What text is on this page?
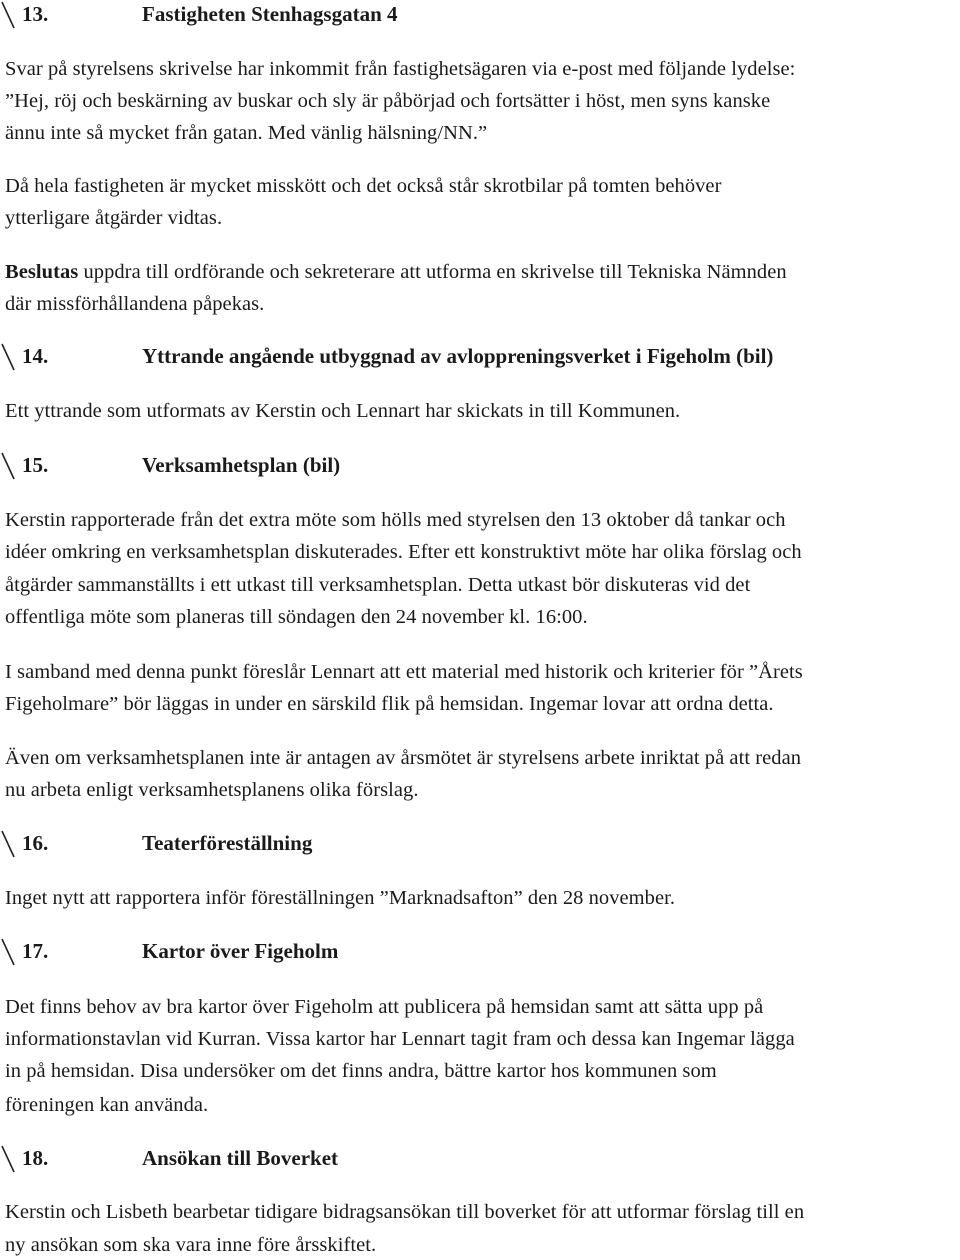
13.	Fastigheten Stenhagsgatan 4
Svar på styrelsens skrivelse har inkommit från fastighetsägaren via e-post med följande lydelse:
”Hej, röj och beskärning av buskar och sly är påbörjad och fortsätter i höst, men syns kanske
ännu inte så mycket från gatan. Med vänlig hälsning/NN.”
Då hela fastigheten är mycket misskött och det också står skrotbilar på tomten behöver
ytterligare åtgärder vidtas.
Beslutas uppdra till ordförande och sekreterare att utforma en skrivelse till Tekniska Nämnden
där missförhållandena påpekas.
14.	Yttrande angående utbyggnad av avloppreningsverket i Figeholm (bil)
Ett yttrande som utformats av Kerstin och Lennart har skickats in till Kommunen.
15.	Verksamhetsplan (bil)
Kerstin rapporterade från det extra möte som hölls med styrelsen den 13 oktober då tankar och
idéer omkring en verksamhetsplan diskuterades. Efter ett konstruktivt möte har olika förslag och
åtgärder sammanställts i ett utkast till verksamhetsplan. Detta utkast bör diskuteras vid det
offentliga möte som planeras till söndagen den 24 november kl. 16:00.
I samband med denna punkt föreslår Lennart att ett material med historik och kriterier för ”Årets
Figeholmare” bör läggas in under en särskild flik på hemsidan. Ingemar lovar att ordna detta.
Även om verksamhetsplanen inte är antagen av årsmötet är styrelsens arbete inriktat på att redan
nu arbeta enligt verksamhetsplanens olika förslag.
16.	Teaterföreställning
Inget nytt att rapportera inför föreställningen ”Marknadsafton” den 28 november.
17.	Kartor över Figeholm
Det finns behov av bra kartor över Figeholm att publicera på hemsidan samt att sätta upp på
informationstavlan vid Kurran. Vissa kartor har Lennart tagit fram och dessa kan Ingemar lägga
in på hemsidan. Disa undersöker om det finns andra, bättre kartor hos kommunen som
föreningen kan använda.
18.	Ansökan till Boverket
Kerstin och Lisbeth bearbetar tidigare bidragsansökan till boverket för att utformar förslag till en
ny ansökan som ska vara inne före årsskiftet.
